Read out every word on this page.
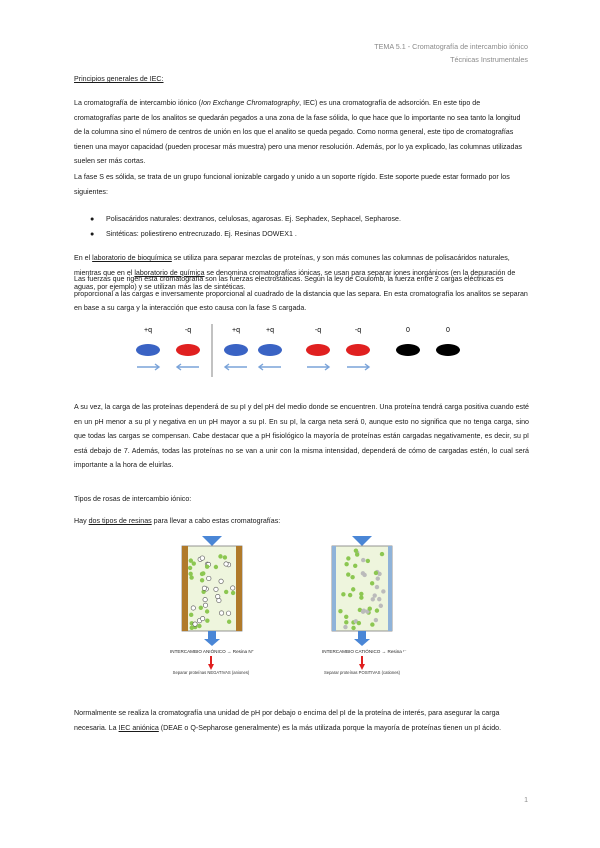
TEMA 5.1 - Cromatografía de intercambio iónico
Técnicas Instrumentales
Principios generales de IEC:
La cromatografía de intercambio iónico (Ion Exchange Chromatography, IEC) es una cromatografía de adsorción. En este tipo de cromatografías parte de los analitos se quedarán pegados a una zona de la fase sólida, lo que hace que lo importante no sea tanto la longitud de la columna sino el número de centros de unión en los que el analito se queda pegado. Como norma general, este tipo de cromatografías tienen una mayor capacidad (pueden procesar más muestra) pero una menor resolución. Además, por lo ya explicado, las columnas utilizadas suelen ser más cortas.
La fase S es sólida, se trata de un grupo funcional ionizable cargado y unido a un soporte rígido. Este soporte puede estar formado por los siguientes:
● Polisacáridos naturales: dextranos, celulosas, agarosas. Ej. Sephadex, Sephacel, Sepharose.
● Sintéticas: poliestireno entrecruzado. Ej. Resinas DOWEX1 .
En el laboratorio de bioquímica se utiliza para separar mezclas de proteínas, y son más comunes las columnas de polisacáridos naturales, mientras que en el laboratorio de química se denomina cromatografías iónicas, se usan para separar iones inorgánicos (en la depuración de aguas, por ejemplo) y se utilizan más las de sintéticas.
Las fuerzas que rigen esta cromatografía son las fuerzas electrostáticas. Según la ley de Coulomb, la fuerza entre 2 cargas eléctricas es proporcional a las cargas e inversamente proporcional al cuadrado de la distancia que las separa. En esta cromatografía los analitos se separan en base a su carga y la interacción que esto causa con la fase S cargada.
+q	-q	+q	+q	-q	-q	0	0
A su vez, la carga de las proteínas dependerá de su pI y del pH del medio donde se encuentren. Una proteína tendrá carga positiva cuando esté en un pH menor a su pI y negativa en un pH mayor a su pI. En su pI, la carga neta será 0, aunque esto no significa que no tenga carga, sino que todas las cargas se compensan. Cabe destacar que a pH fisiológico la mayoría de proteínas están cargadas negativamente, es decir, su pI está debajo de 7. Además, todas las proteínas no se van a unir con la misma intensidad, dependerá de cómo de cargadas estén, lo cual será importante a la hora de eluirlas.
Tipos de rosas de intercambio iónico:
Hay dos tipos de resinas para llevar a cabo estas cromatografías:
INTERCAMBIO ANIÓNICO → Resina N⁺
Separar proteínas NEGATIVAS (aniones)
INTERCAMBIO CATIÓNICO → Resina ʳ⁻
Separar proteínas POSITIVAS (cationes)
Normalmente se realiza la cromatografía una unidad de pH por debajo o encima del pI de la proteína de interés, para asegurar la carga necesaria. La IEC aniónica (DEAE o Q-Sepharose generalmente) es la más utilizada porque la mayoría de proteínas tienen un pI ácido.
1
